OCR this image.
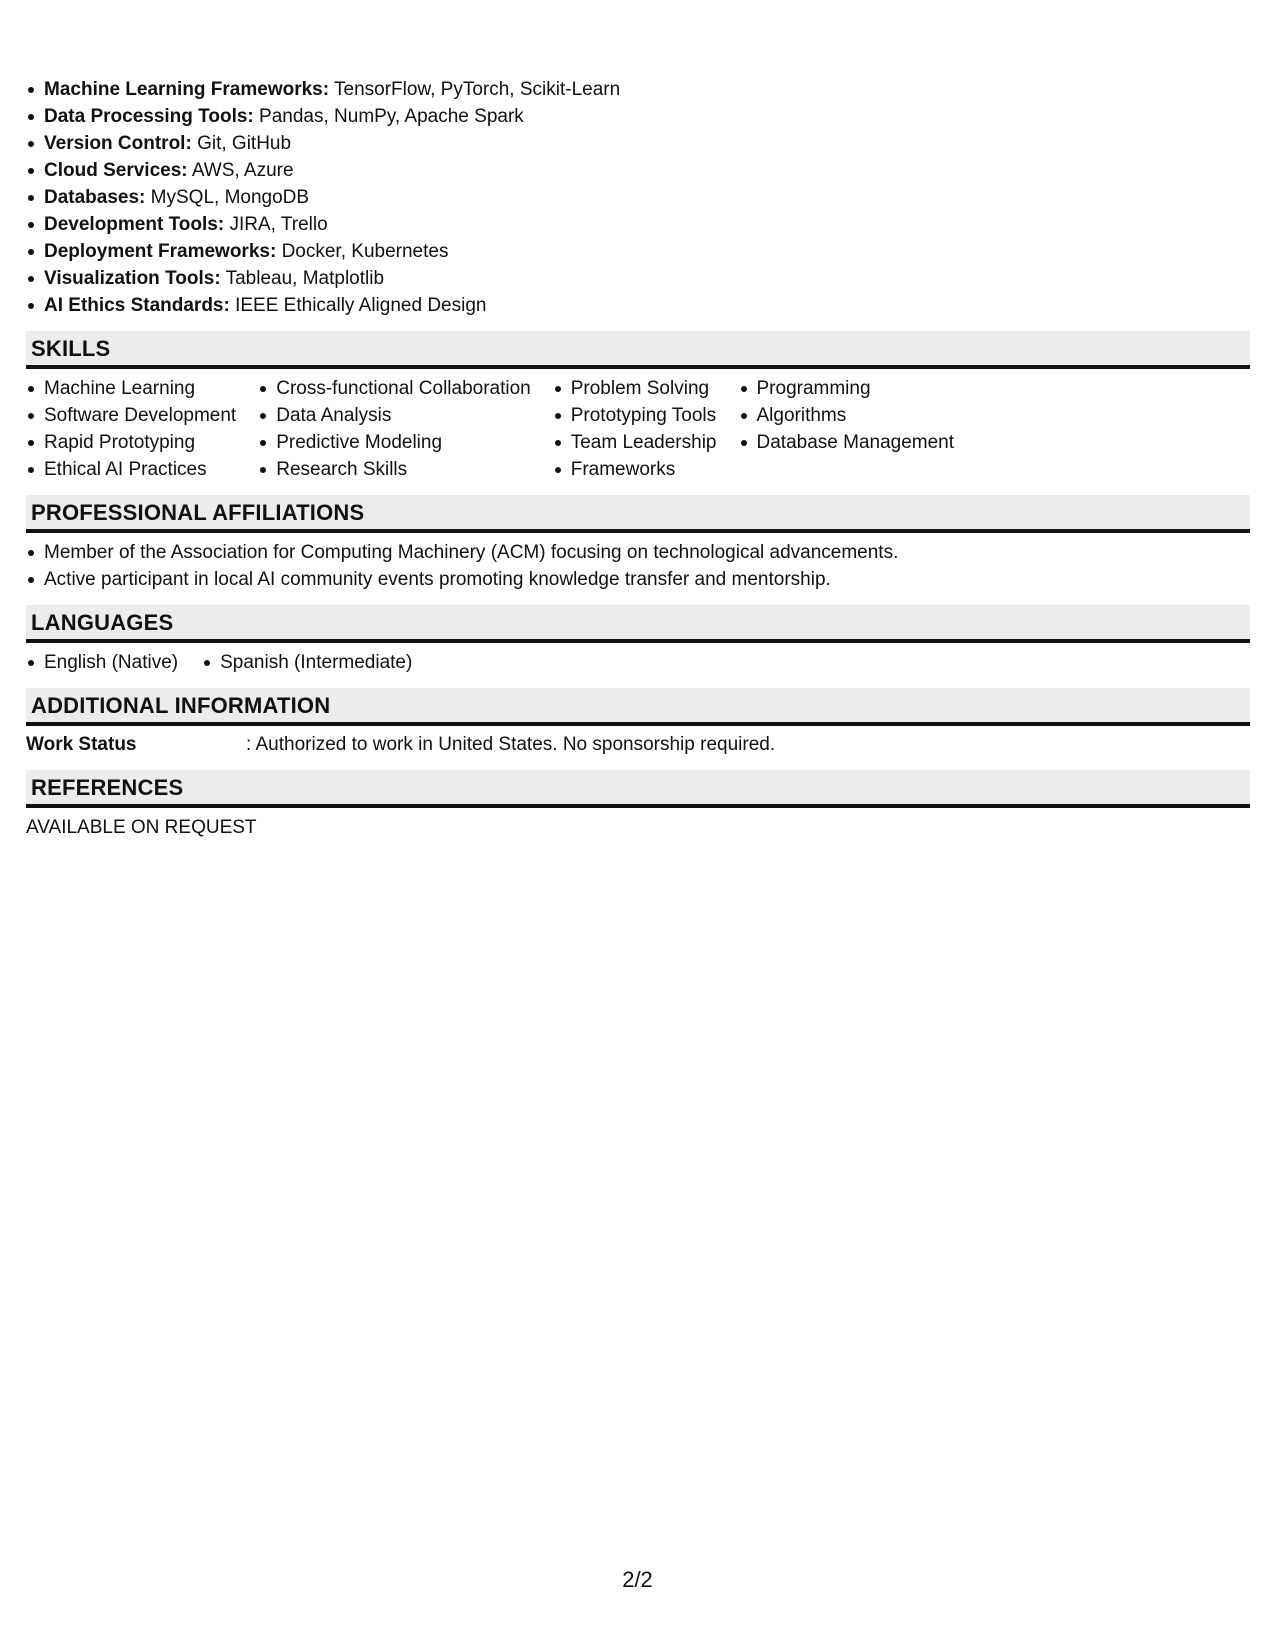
Machine Learning Frameworks: TensorFlow, PyTorch, Scikit-Learn
Data Processing Tools: Pandas, NumPy, Apache Spark
Version Control: Git, GitHub
Cloud Services: AWS, Azure
Databases: MySQL, MongoDB
Development Tools: JIRA, Trello
Deployment Frameworks: Docker, Kubernetes
Visualization Tools: Tableau, Matplotlib
AI Ethics Standards: IEEE Ethically Aligned Design
SKILLS
Machine Learning
Software Development
Rapid Prototyping
Ethical AI Practices
Cross-functional Collaboration
Data Analysis
Predictive Modeling
Research Skills
Problem Solving
Prototyping Tools
Team Leadership
Frameworks
Programming
Algorithms
Database Management
PROFESSIONAL AFFILIATIONS
Member of the Association for Computing Machinery (ACM) focusing on technological advancements.
Active participant in local AI community events promoting knowledge transfer and mentorship.
LANGUAGES
English (Native)	Spanish (Intermediate)
ADDITIONAL INFORMATION
Work Status	: Authorized to work in United States. No sponsorship required.
REFERENCES
AVAILABLE ON REQUEST
2/2
